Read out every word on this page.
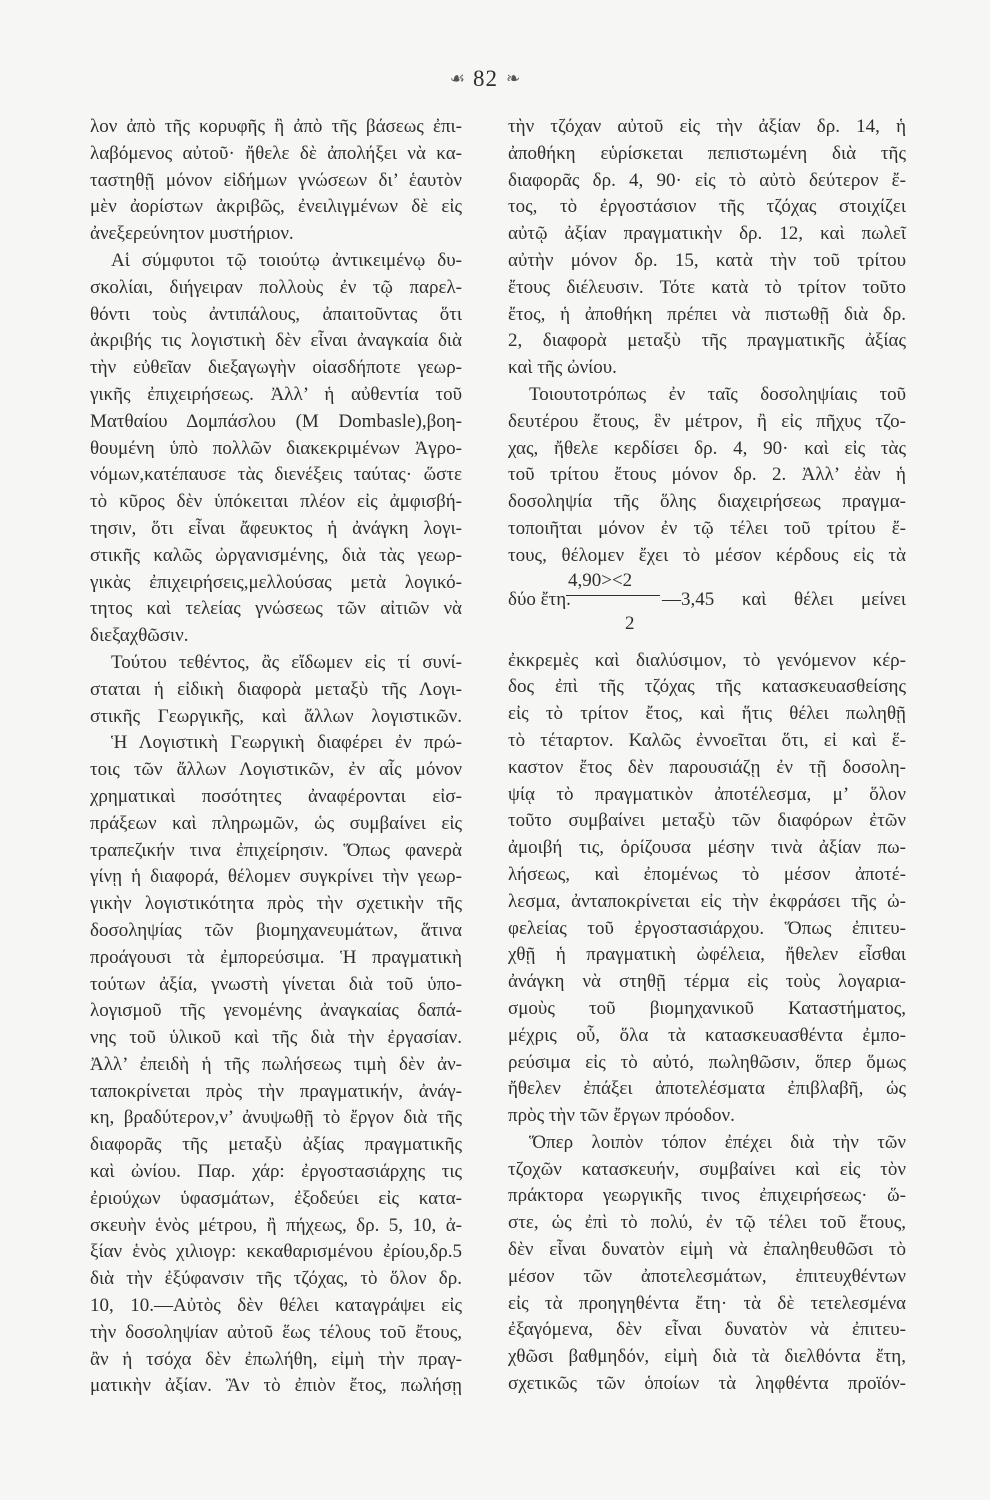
☙
82
❧
λον ἀπὸ τῆς κορυφῆς ἢ ἀπὸ τῆς βάσεως ἐπι-
λαβόμενος αὐτοῦ· ἤθελε δὲ ἀπολήξει νὰ κα-
ταστηθῇ μόνον εἰδήμων γνώσεων δι’ ἑαυτὸν
μὲν ἀορίστων ἀκριβῶς, ἐνειλιγμένων δὲ εἰς
ἀνεξερεύνητον μυστήριον.
Αἱ σύμφυτοι τῷ τοιούτῳ ἀντικειμένῳ δυ-
σκολίαι, διήγειραν πολλοὺς ἐν τῷ παρελ-
θόντι τοὺς ἀντιπάλους, ἀπαιτοῦντας ὅτι
ἀκριβής τις λογιστικὴ δὲν εἶναι ἀναγκαία διὰ
τὴν εὐθεῖαν διεξαγωγὴν οἱασδήποτε γεωρ-
γικῆς ἐπιχειρήσεως. Ἀλλ’ ἡ αὐθεντία τοῦ
Ματθαίου Δομπάσλου (M Dombasle),βοη-
θουμένη ὑπὸ πολλῶν διακεκριμένων Ἀγρο-
νόμων,κατέπαυσε τὰς διενέξεις ταύτας· ὥστε
τὸ κῦρος δὲν ὑπόκειται πλέον εἰς ἀμφισβή-
τησιν, ὅτι εἶναι ἄφευκτος ἡ ἀνάγκη λογι-
στικῆς καλῶς ὠργανισμένης, διὰ τὰς γεωρ-
γικὰς ἐπιχειρήσεις,μελλούσας μετὰ λογικό-
τητος καὶ τελείας γνώσεως τῶν αἰτιῶν νὰ
διεξαχθῶσιν.
Τούτου τεθέντος, ἂς εἴδωμεν εἰς τί συνί-
σταται ἡ εἰδικὴ διαφορὰ μεταξὺ τῆς Λογι-
στικῆς Γεωργικῆς, καὶ ἄλλων λογιστικῶν.
Ἡ Λογιστικὴ Γεωργικὴ διαφέρει ἐν πρώ-
τοις τῶν ἄλλων Λογιστικῶν, ἐν αἷς μόνον
χρηματικαὶ ποσότητες ἀναφέρονται εἰσ-
πράξεων καὶ πληρωμῶν, ὡς συμβαίνει εἰς
τραπεζικήν τινα ἐπιχείρησιν. Ὅπως φανερὰ
γίνῃ ἡ διαφορά, θέλομεν συγκρίνει τὴν γεωρ-
γικὴν λογιστικότητα πρὸς τὴν σχετικὴν τῆς
δοσοληψίας τῶν βιομηχανευμάτων, ἅτινα
προάγουσι τὰ ἐμπορεύσιμα. Ἡ πραγματικὴ
τούτων ἀξία, γνωστὴ γίνεται διὰ τοῦ ὑπο-
λογισμοῦ τῆς γενομένης ἀναγκαίας δαπά-
νης τοῦ ὑλικοῦ καὶ τῆς διὰ τὴν ἐργασίαν.
Ἀλλ’ ἐπειδὴ ἡ τῆς πωλήσεως τιμὴ δὲν ἀν-
ταποκρίνεται πρὸς τὴν πραγματικήν, ἀνάγ-
κη, βραδύτερον,ν’ ἀνυψωθῇ τὸ ἔργον διὰ τῆς
διαφορᾶς τῆς μεταξὺ ἀξίας πραγματικῆς
καὶ ὠνίου. Παρ. χάρ: ἐργοστασιάρχης τις
ἐριούχων ὑφασμάτων, ἐξοδεύει εἰς κατα-
σκευὴν ἑνὸς μέτρου, ἢ πήχεως, δρ. 5, 10, ἀ-
ξίαν ἑνὸς χιλιογρ: κεκαθαρισμένου ἐρίου,δρ.5
διὰ τὴν ἐξύφανσιν τῆς τζόχας, τὸ ὅλον δρ.
10, 10.—Αὐτὸς δὲν θέλει καταγράψει εἰς
τὴν δοσοληψίαν αὐτοῦ ἕως τέλους τοῦ ἔτους,
ἂν ἡ τσόχα δὲν ἐπωλήθη, εἰμὴ τὴν πραγ-
ματικὴν ἀξίαν. Ἂν τὸ ἐπιὸν ἔτος, πωλήσῃ
τὴν τζόχαν αὐτοῦ εἰς τὴν ἀξίαν δρ. 14, ἡ
ἀποθήκη εὑρίσκεται πεπιστωμένη διὰ τῆς
διαφορᾶς δρ. 4, 90· εἰς τὸ αὐτὸ δεύτερον ἔ-
τος, τὸ ἐργοστάσιον τῆς τζόχας στοιχίζει
αὐτῷ ἀξίαν πραγματικὴν δρ. 12, καὶ πωλεῖ
αὐτὴν μόνον δρ. 15, κατὰ τὴν τοῦ τρίτου
ἔτους διέλευσιν. Τότε κατὰ τὸ τρίτον τοῦτο
ἔτος, ἡ ἀποθήκη πρέπει νὰ πιστωθῇ διὰ δρ.
2, διαφορὰ μεταξὺ τῆς πραγματικῆς ἀξίας
καὶ τῆς ὠνίου.
Τοιουτοτρόπως ἐν ταῖς δοσοληψίαις τοῦ
δευτέρου ἔτους, ἓν μέτρον, ἢ εἰς πῆχυς τζο-
χας, ἤθελε κερδίσει δρ. 4, 90· καὶ εἰς τὰς
τοῦ τρίτου ἔτους μόνον δρ. 2. Ἀλλ’ ἐὰν ἡ
δοσοληψία τῆς ὅλης διαχειρήσεως πραγμα-
τοποιῆται μόνον ἐν τῷ τέλει τοῦ τρίτου ἔ-
τους, θέλομεν ἔχει τὸ μέσον κέρδους εἰς τὰ
4,90><2
δύο ἔτη.	—3,45 καὶ θέλει μείνει
2
ἐκκρεμὲς καὶ διαλύσιμον, τὸ γενόμενον κέρ-
δος ἐπὶ τῆς τζόχας τῆς κατασκευασθείσης
εἰς τὸ τρίτον ἔτος, καὶ ἥτις θέλει πωληθῇ
τὸ τέταρτον. Καλῶς ἐννοεῖται ὅτι, εἰ καὶ ἕ-
καστον ἔτος δὲν παρουσιάζῃ ἐν τῇ δοσολη-
ψίᾳ τὸ πραγματικὸν ἀποτέλεσμα, μ’ ὅλον
τοῦτο συμβαίνει μεταξὺ τῶν διαφόρων ἐτῶν
ἀμοιβή τις, ὁρίζουσα μέσην τινὰ ἀξίαν πω-
λήσεως, καὶ ἐπομένως τὸ μέσον ἀποτέ-
λεσμα, ἀνταποκρίνεται εἰς τὴν ἐκφράσει τῆς ὠ-
φελείας τοῦ ἐργοστασιάρχου. Ὅπως ἐπιτευ-
χθῇ ἡ πραγματικὴ ὠφέλεια, ἤθελεν εἶσθαι
ἀνάγκη νὰ στηθῇ τέρμα εἰς τοὺς λογαρια-
σμοὺς τοῦ βιομηχανικοῦ Καταστήματος,
μέχρις οὗ, ὅλα τὰ κατασκευασθέντα ἐμπο-
ρεύσιμα εἰς τὸ αὐτό, πωληθῶσιν, ὅπερ ὅμως
ἤθελεν ἐπάξει ἀποτελέσματα ἐπιβλαβῆ, ὡς
πρὸς τὴν τῶν ἔργων πρόοδον.
Ὅπερ λοιπὸν τόπον ἐπέχει διὰ τὴν τῶν
τζοχῶν κατασκευήν, συμβαίνει καὶ εἰς τὸν
πράκτορα γεωργικῆς τινος ἐπιχειρήσεως· ὥ-
στε, ὡς ἐπὶ τὸ πολύ, ἐν τῷ τέλει τοῦ ἔτους,
δὲν εἶναι δυνατὸν εἰμὴ νὰ ἐπαληθευθῶσι τὸ
μέσον τῶν ἀποτελεσμάτων, ἐπιτευχθέντων
εἰς τὰ προηγηθέντα ἔτη· τὰ δὲ τετελεσμένα
ἐξαγόμενα, δὲν εἶναι δυνατὸν νὰ ἐπιτευ-
χθῶσι βαθμηδόν, εἰμὴ διὰ τὰ διελθόντα ἔτη,
σχετικῶς τῶν ὁποίων τὰ ληφθέντα προϊόν-
